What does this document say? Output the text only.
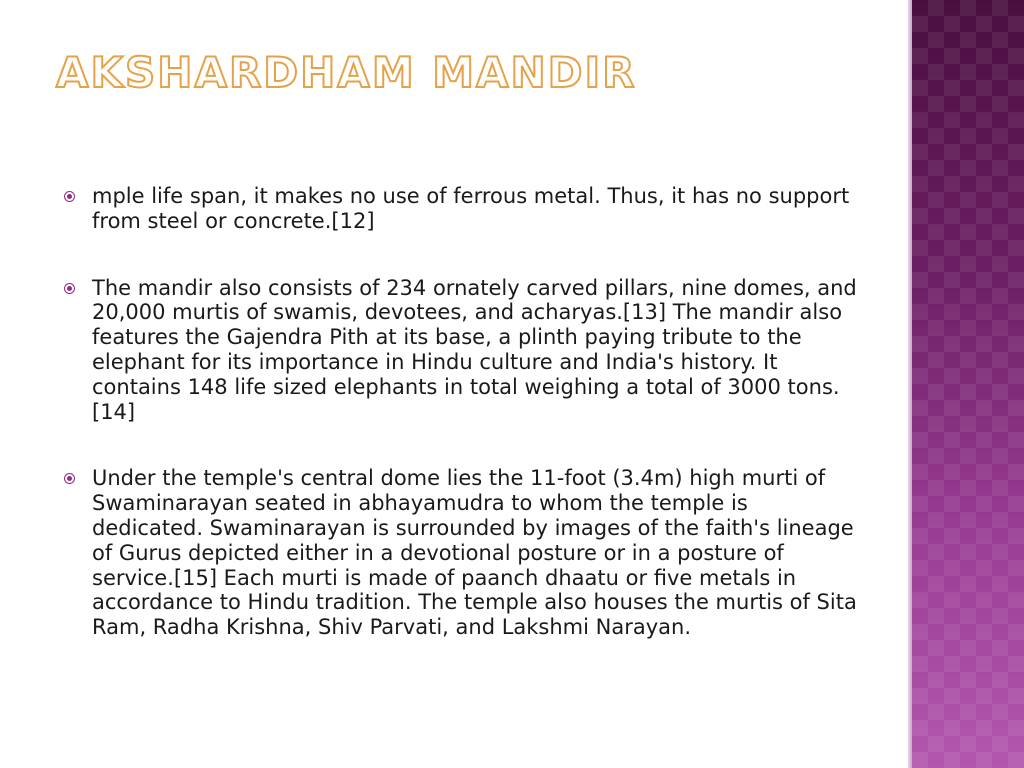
AKSHARDHAM MANDIR
mple life span, it makes no use of ferrous metal. Thus, it has no support from steel or concrete.[12]
The mandir also consists of 234 ornately carved pillars, nine domes, and 20,000 murtis of swamis, devotees, and acharyas.[13] The mandir also features the Gajendra Pith at its base, a plinth paying tribute to the elephant for its importance in Hindu culture and India's history. It contains 148 life sized elephants in total weighing a total of 3000 tons.[14]
Under the temple's central dome lies the 11-foot (3.4m) high murti of Swaminarayan seated in abhayamudra to whom the temple is dedicated. Swaminarayan is surrounded by images of the faith's lineage of Gurus depicted either in a devotional posture or in a posture of service.[15] Each murti is made of paanch dhaatu or five metals in accordance to Hindu tradition. The temple also houses the murtis of Sita Ram, Radha Krishna, Shiv Parvati, and Lakshmi Narayan.
